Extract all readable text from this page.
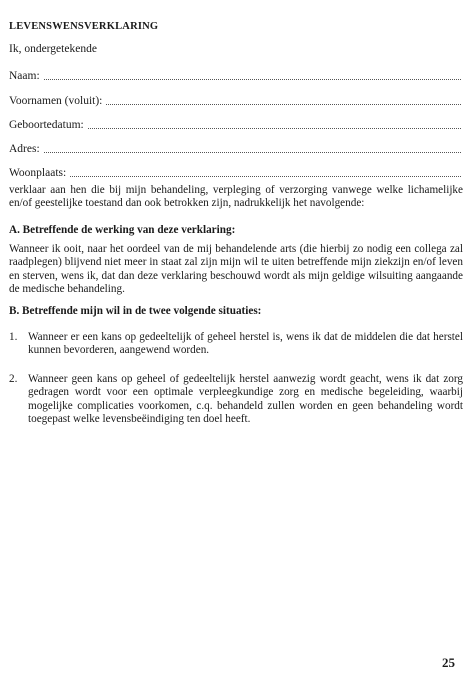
LEVENSWENSVERKLARING
Ik, ondergetekende
Naam:
Voornamen (voluit):
Geboortedatum:
Adres:
Woonplaats:

verklaar aan hen die bij mijn behandeling, verpleging of verzorging vanwege welke lichamelijke en/of geestelijke toestand dan ook betrokken zijn, nadrukkelijk het navolgende:

A. Betreffende de werking van deze verklaring:

Wanneer ik ooit, naar het oordeel van de mij behandelende arts (die hierbij zo nodig een collega zal raadplegen) blijvend niet meer in staat zal zijn mijn wil te uiten betreffende mijn ziekzijn en/of leven en sterven, wens ik, dat dan deze verklaring beschouwd wordt als mijn geldige wilsuiting aangaande de medische behandeling.

B. Betreffende mijn wil in de twee volgende situaties:
1. Wanneer er een kans op gedeeltelijk of geheel herstel is, wens ik dat de middelen die dat herstel kunnen bevorderen, aangewend worden.
2. Wanneer geen kans op geheel of gedeeltelijk herstel aanwezig wordt geacht, wens ik dat zorg gedragen wordt voor een optimale verpleegkundige zorg en medische begeleiding, waarbij mogelijke complicaties voorkomen, c.q. behandeld zullen worden en geen behandeling wordt toegepast welke levensbeëindiging ten doel heeft.
25
